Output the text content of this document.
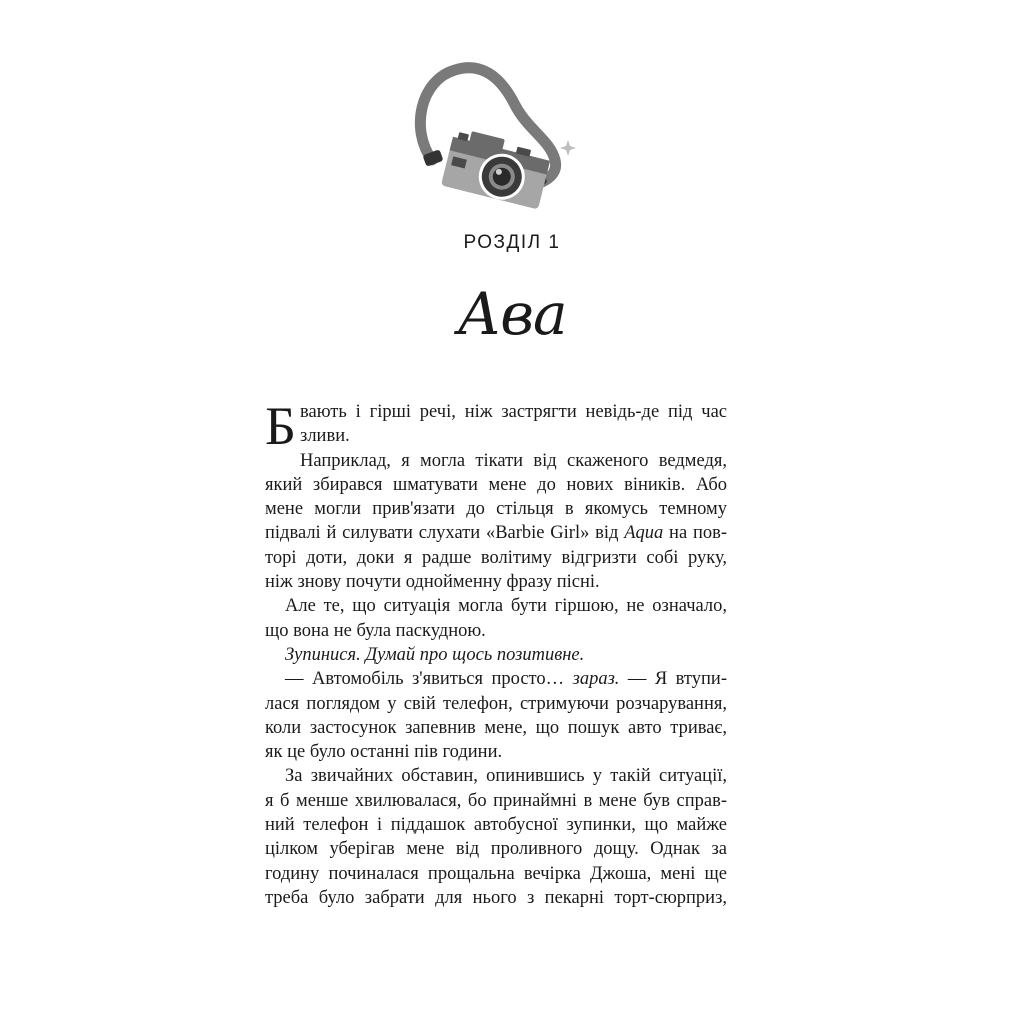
РОЗДІЛ 1
Ава
Б вають і гірші речі, ніж застрягти невідь-де під час
зливи.
Наприклад, я могла тікати від скаженого ведмедя,
який збирався шматувати мене до нових віників. Або
мене могли прив'язати до стільця в якомусь темному
підвалі й силувати слухати «Barbie Girl» від Aqua на пов-
торі доти, доки я радше волітиму відгризти собі руку,
ніж знову почути однойменну фразу пісні.
Але те, що ситуація могла бути гіршою, не означало,
що вона не була паскудною.
Зупинися. Думай про щось позитивне.
— Автомобіль з'явиться просто… зараз. — Я втупи-
лася поглядом у свій телефон, стримуючи розчарування,
коли застосунок запевнив мене, що пошук авто триває,
як це було останні пів години.
За звичайних обставин, опинившись у такій ситуації,
я б менше хвилювалася, бо принаймні в мене був справ-
ний телефон і піддашок автобусної зупинки, що майже
цілком уберігав мене від проливного дощу. Однак за
годину починалася прощальна вечірка Джоша, мені ще
треба було забрати для нього з пекарні торт-сюрприз,
